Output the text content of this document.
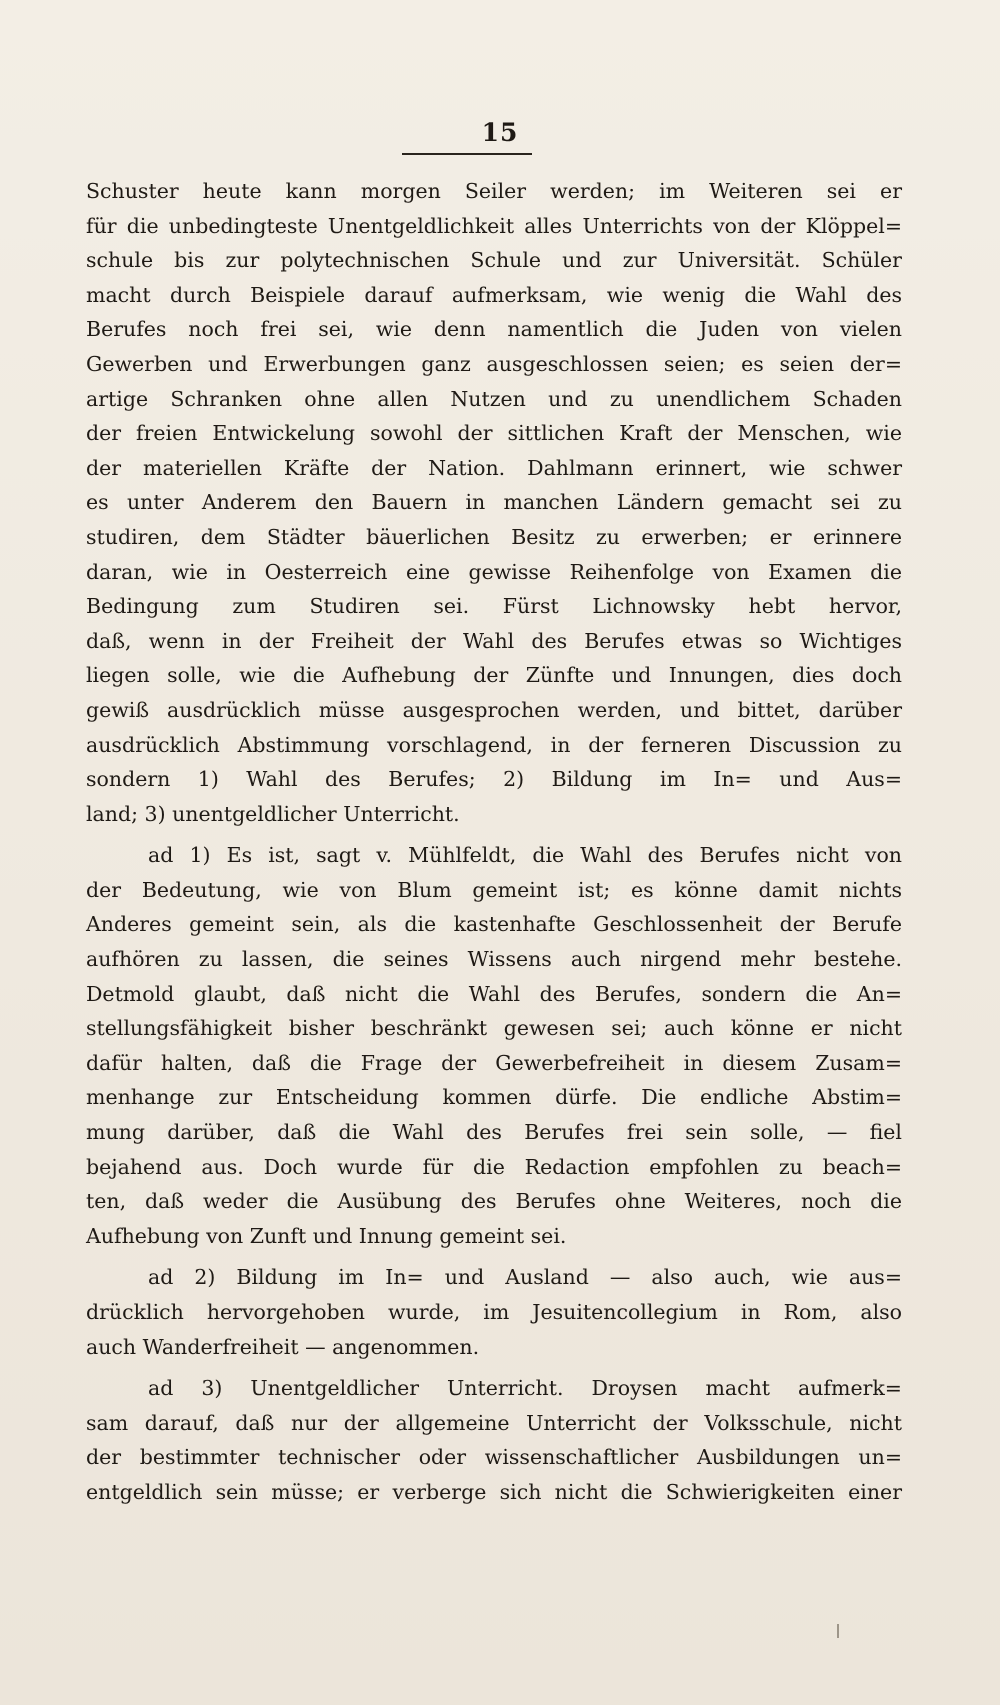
15
Schuster heute kann morgen Seiler werden; im Weiteren sei er
für die unbedingteste Unentgeldlichkeit alles Unterrichts von der Klöppel=
schule bis zur polytechnischen Schule und zur Universität. Schüler
macht durch Beispiele darauf aufmerksam, wie wenig die Wahl des
Berufes noch frei sei, wie denn namentlich die Juden von vielen
Gewerben und Erwerbungen ganz ausgeschlossen seien; es seien der=
artige Schranken ohne allen Nutzen und zu unendlichem Schaden
der freien Entwickelung sowohl der sittlichen Kraft der Menschen, wie
der materiellen Kräfte der Nation. Dahlmann erinnert, wie schwer
es unter Anderem den Bauern in manchen Ländern gemacht sei zu
studiren, dem Städter bäuerlichen Besitz zu erwerben; er erinnere
daran, wie in Oesterreich eine gewisse Reihenfolge von Examen die
Bedingung zum Studiren sei. Fürst Lichnowsky hebt hervor,
daß, wenn in der Freiheit der Wahl des Berufes etwas so Wichtiges
liegen solle, wie die Aufhebung der Zünfte und Innungen, dies doch
gewiß ausdrücklich müsse ausgesprochen werden, und bittet, darüber
ausdrücklich Abstimmung vorschlagend, in der ferneren Discussion zu
sondern 1) Wahl des Berufes; 2) Bildung im In= und Aus=
land; 3) unentgeldlicher Unterricht.
ad 1) Es ist, sagt v. Mühlfeldt, die Wahl des Berufes nicht von
der Bedeutung, wie von Blum gemeint ist; es könne damit nichts
Anderes gemeint sein, als die kastenhafte Geschlossenheit der Berufe
aufhören zu lassen, die seines Wissens auch nirgend mehr bestehe.
Detmold glaubt, daß nicht die Wahl des Berufes, sondern die An=
stellungsfähigkeit bisher beschränkt gewesen sei; auch könne er nicht
dafür halten, daß die Frage der Gewerbefreiheit in diesem Zusam=
menhange zur Entscheidung kommen dürfe. Die endliche Abstim=
mung darüber, daß die Wahl des Berufes frei sein solle, — fiel
bejahend aus. Doch wurde für die Redaction empfohlen zu beach=
ten, daß weder die Ausübung des Berufes ohne Weiteres, noch die
Aufhebung von Zunft und Innung gemeint sei.
ad 2) Bildung im In= und Ausland — also auch, wie aus=
drücklich hervorgehoben wurde, im Jesuitencollegium in Rom, also
auch Wanderfreiheit — angenommen.
ad 3) Unentgeldlicher Unterricht. Droysen macht aufmerk=
sam darauf, daß nur der allgemeine Unterricht der Volksschule, nicht
der bestimmter technischer oder wissenschaftlicher Ausbildungen un=
entgeldlich sein müsse; er verberge sich nicht die Schwierigkeiten einer
